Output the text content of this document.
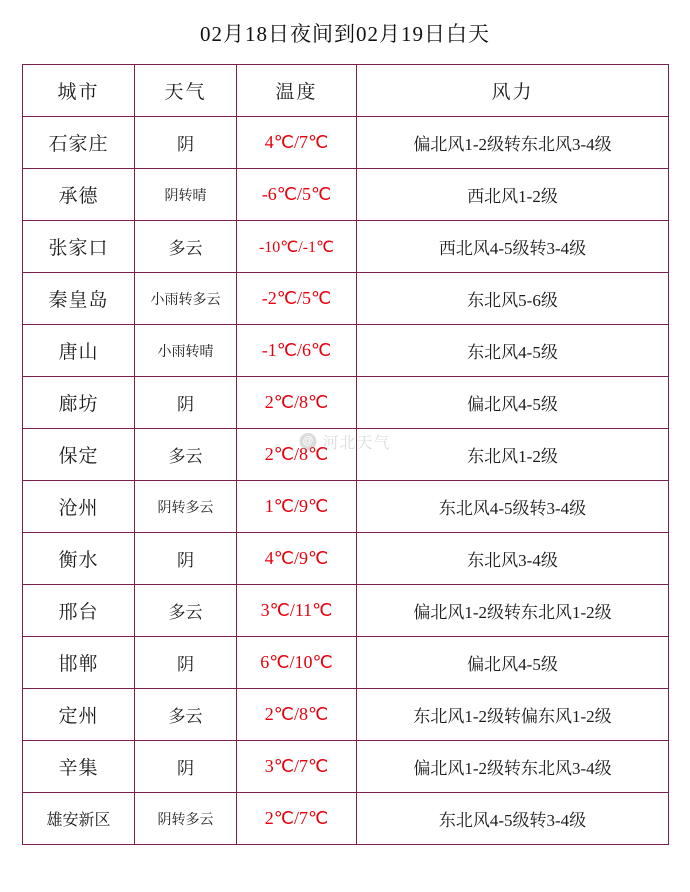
02月18日夜间到02月19日白天
城市	天气	温度	风力
石家庄	阴	4℃/7℃	偏北风1-2级转东北风3-4级
承德	阴转晴	-6℃/5℃	西北风1-2级
张家口	多云	-10℃/-1℃	西北风4-5级转3-4级
秦皇岛	小雨转多云	-2℃/5℃	东北风5-6级
唐山	小雨转晴	-1℃/6℃	东北风4-5级
廊坊	阴	2℃/8℃	偏北风4-5级
保定	多云	2℃/8℃	东北风1-2级
沧州	阴转多云	1℃/9℃	东北风4-5级转3-4级
衡水	阴	4℃/9℃	东北风3-4级
邢台	多云	3℃/11℃	偏北风1-2级转东北风1-2级
邯郸	阴	6℃/10℃	偏北风4-5级
定州	多云	2℃/8℃	东北风1-2级转偏东风1-2级
辛集	阴	3℃/7℃	偏北风1-2级转东北风3-4级
雄安新区	阴转多云	2℃/7℃	东北风4-5级转3-4级
@ 河北天气
